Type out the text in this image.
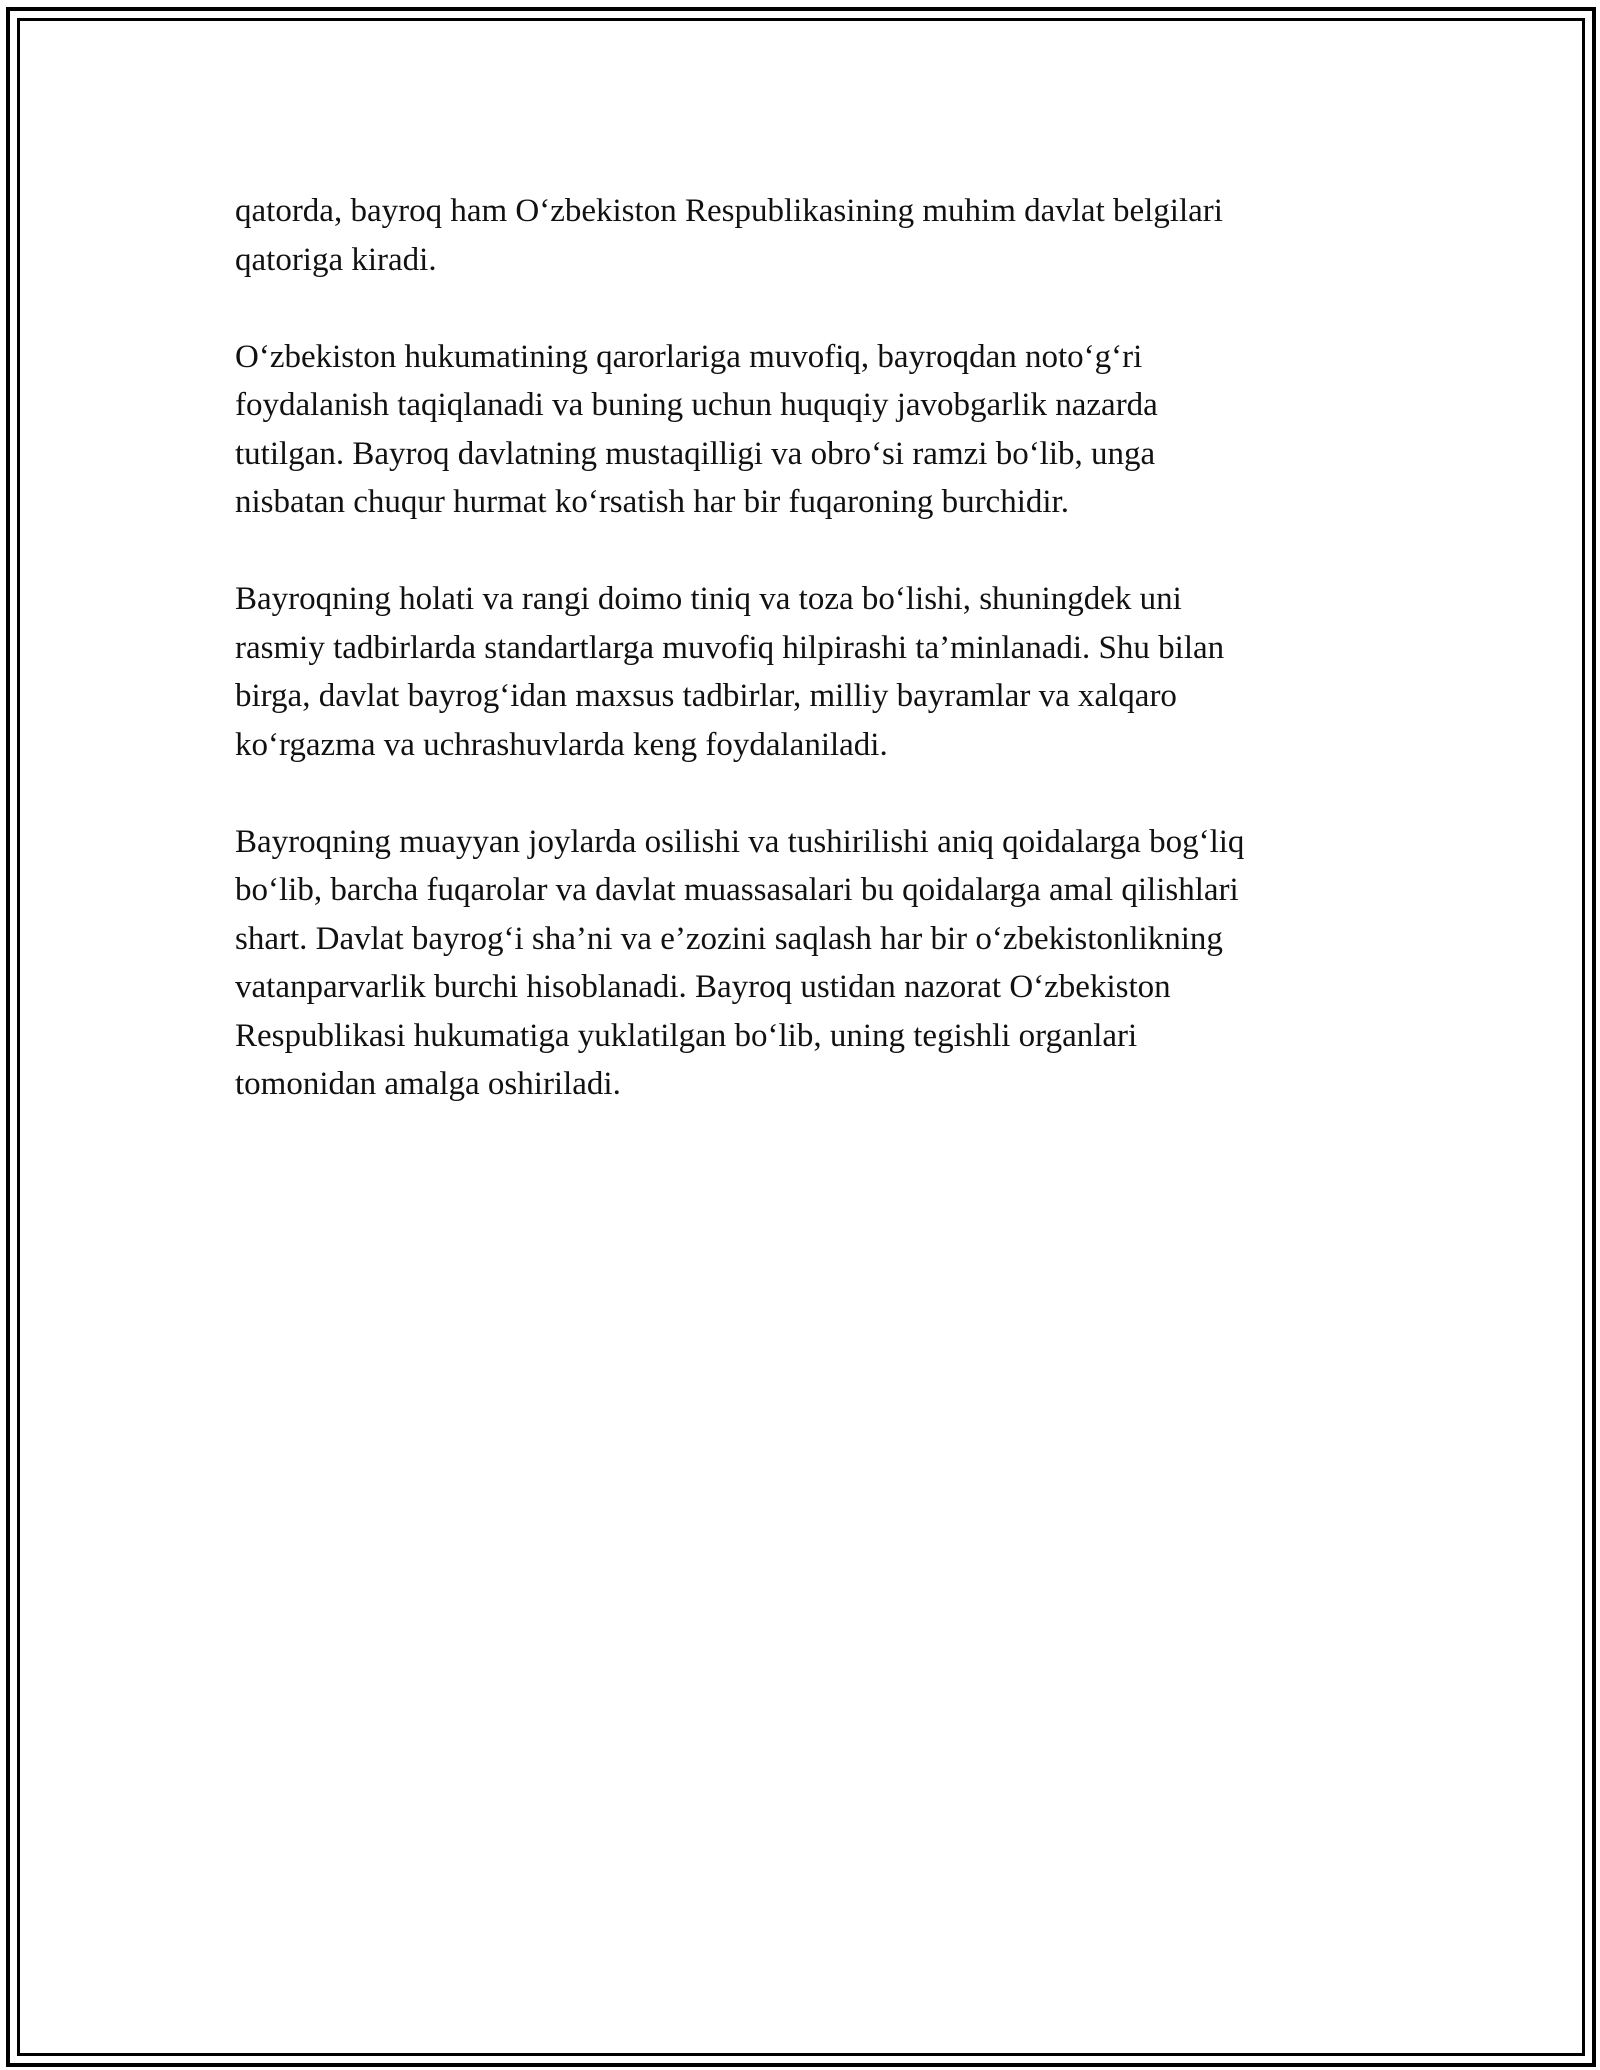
qatorda, bayroq ham O‘zbekiston Respublikasining muhim davlat belgilari
qatoriga kiradi.

O‘zbekiston hukumatining qarorlariga muvofiq, bayroqdan noto‘g‘ri
foydalanish taqiqlanadi va buning uchun huquqiy javobgarlik nazarda
tutilgan. Bayroq davlatning mustaqilligi va obro‘si ramzi bo‘lib, unga
nisbatan chuqur hurmat ko‘rsatish har bir fuqaroning burchidir.

Bayroqning holati va rangi doimo tiniq va toza bo‘lishi, shuningdek uni
rasmiy tadbirlarda standartlarga muvofiq hilpirashi ta’minlanadi. Shu bilan
birga, davlat bayrog‘idan maxsus tadbirlar, milliy bayramlar va xalqaro
ko‘rgazma va uchrashuvlarda keng foydalaniladi.

Bayroqning muayyan joylarda osilishi va tushirilishi aniq qoidalarga bog‘liq
bo‘lib, barcha fuqarolar va davlat muassasalari bu qoidalarga amal qilishlari
shart. Davlat bayrog‘i sha’ni va e’zozini saqlash har bir o‘zbekistonlikning
vatanparvarlik burchi hisoblanadi. Bayroq ustidan nazorat O‘zbekiston
Respublikasi hukumatiga yuklatilgan bo‘lib, uning tegishli organlari
tomonidan amalga oshiriladi.
